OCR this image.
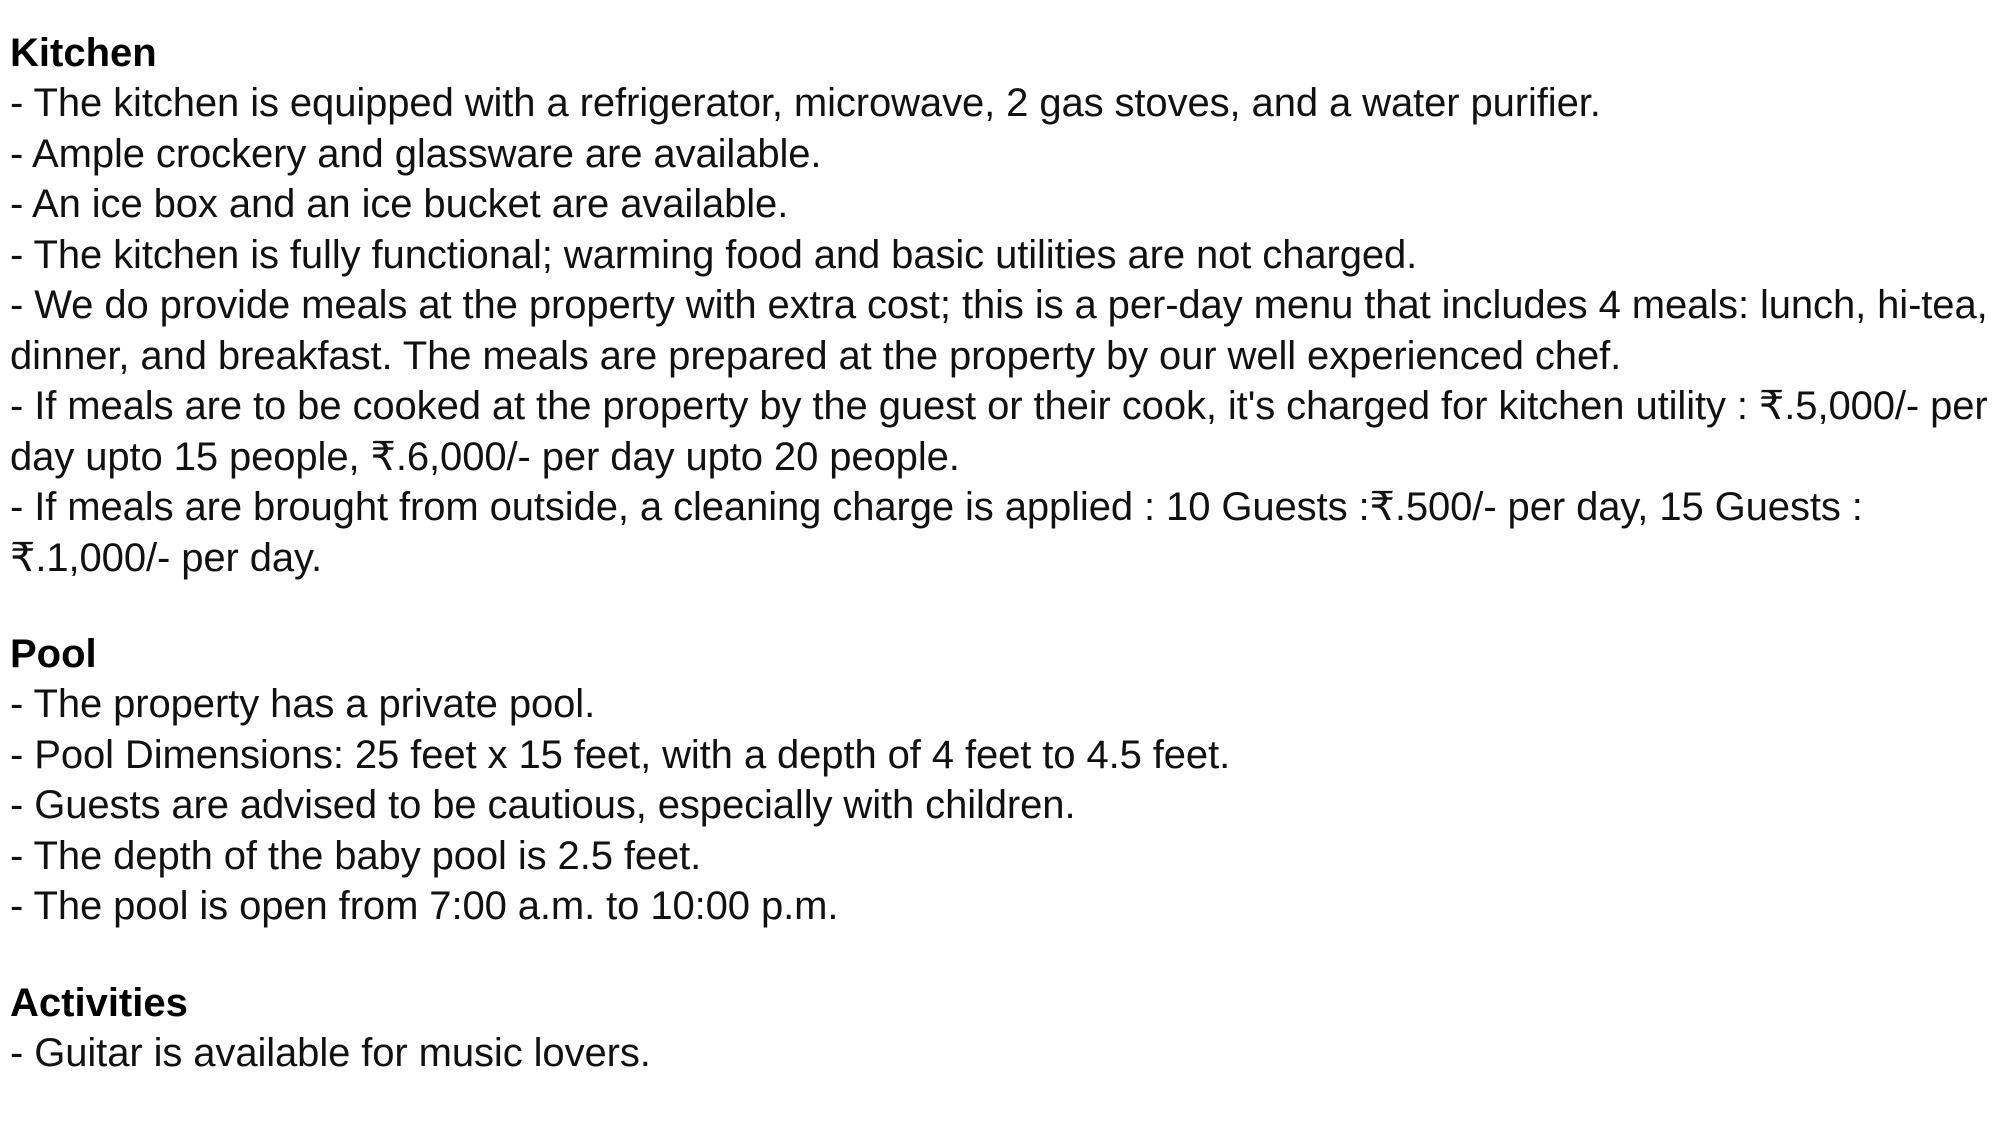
Kitchen
- The kitchen is equipped with a refrigerator, microwave, 2 gas stoves, and a water purifier.
- Ample crockery and glassware are available.
- An ice box and an ice bucket are available.
- The kitchen is fully functional; warming food and basic utilities are not charged.
- We do provide meals at the property with extra cost; this is a per-day menu that includes 4 meals: lunch, hi-tea, dinner, and breakfast. The meals are prepared at the property by our well experienced chef.
- If meals are to be cooked at the property by the guest or their cook, it's charged for kitchen utility : ₹.5,000/- per day upto 15 people, ₹.6,000/- per day upto 20 people.
- If meals are brought from outside, a cleaning charge is applied : 10 Guests :₹.500/- per day, 15 Guests :₹.1,000/- per day.
Pool
- The property has a private pool.
- Pool Dimensions: 25 feet x 15 feet, with a depth of 4 feet to 4.5 feet.
- Guests are advised to be cautious, especially with children.
- The depth of the baby pool is 2.5 feet.
- The pool is open from 7:00 a.m. to 10:00 p.m.
Activities
- Guitar is available for music lovers.
